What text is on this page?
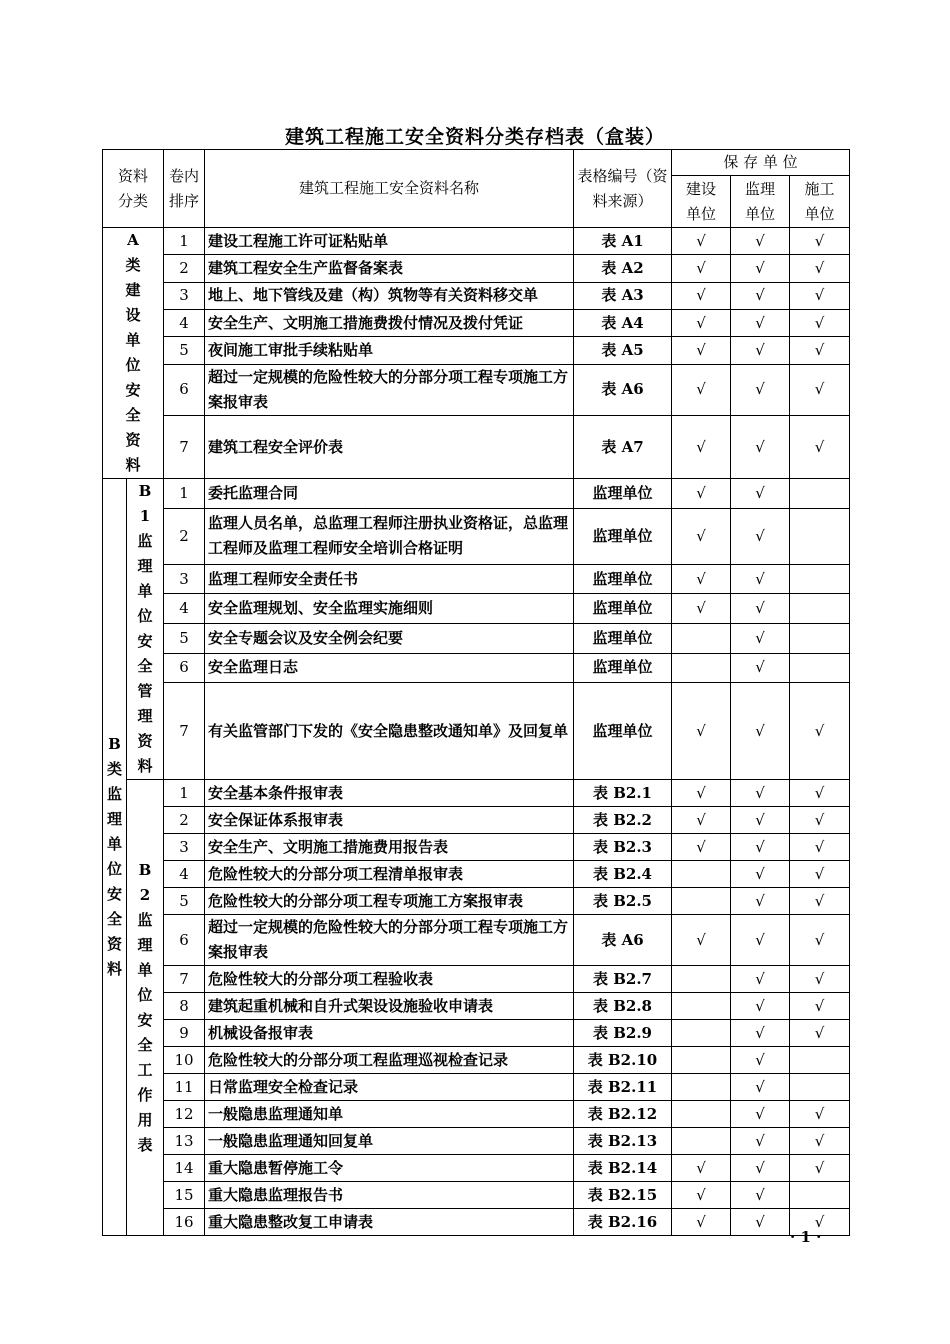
建筑工程施工安全资料分类存档表（盒装）
资料分类		卷内排序	建筑工程施工安全资料名称	表格编号（资料来源）	保 存 单 位		
					建设单位	监理单位	施工单位

A类建设单位安全资料		1	建设工程施工许可证粘贴单	表 A1	√	√	√
		2	建筑工程安全生产监督备案表	表 A2	√	√	√
		3	地上、地下管线及建（构）筑物等有关资料移交单	表 A3	√	√	√
		4	安全生产、文明施工措施费拨付情况及拨付凭证	表 A4	√	√	√
		5	夜间施工审批手续粘贴单	表 A5	√	√	√
		6	超过一定规模的危险性较大的分部分项工程专项施工方案报审表	表 A6	√	√	√
		7	建筑工程安全评价表	表 A7	√	√	√
B类监理单位安全资料	B1监理单位安全管理资料	1	委托监理合同	监理单位	√	√	
		2	监理人员名单，总监理工程师注册执业资格证，总监理工程师及监理工程师安全培训合格证明	监理单位	√	√	
		3	监理工程师安全责任书	监理单位	√	√	
		4	安全监理规划、安全监理实施细则	监理单位	√	√	
		5	安全专题会议及安全例会纪要	监理单位		√	
		6	安全监理日志	监理单位		√	
		7	有关监管部门下发的《安全隐患整改通知单》及回复单	监理单位	√	√	√
	B2监理单位安全工作用表	1	安全基本条件报审表	表 B2.1	√	√	√
		2	安全保证体系报审表	表 B2.2	√	√	√
		3	安全生产、文明施工措施费用报告表	表 B2.3	√	√	√
		4	危险性较大的分部分项工程清单报审表	表 B2.4		√	√
		5	危险性较大的分部分项工程专项施工方案报审表	表 B2.5		√	√
		6	超过一定规模的危险性较大的分部分项工程专项施工方案报审表	表 A6	√	√	√
		7	危险性较大的分部分项工程验收表	表 B2.7		√	√
		8	建筑起重机械和自升式架设设施验收申请表	表 B2.8		√	√
		9	机械设备报审表	表 B2.9		√	√
		10	危险性较大的分部分项工程监理巡视检查记录	表 B2.10		√	
		11	日常监理安全检查记录	表 B2.11		√	
		12	一般隐患监理通知单	表 B2.12		√	√
		13	一般隐患监理通知回复单	表 B2.13		√	√
		14	重大隐患暂停施工令	表 B2.14	√	√	√
		15	重大隐患监理报告书	表 B2.15	√	√	
		16	重大隐患整改复工申请表	表 B2.16	√	√	√
· 1 ·
